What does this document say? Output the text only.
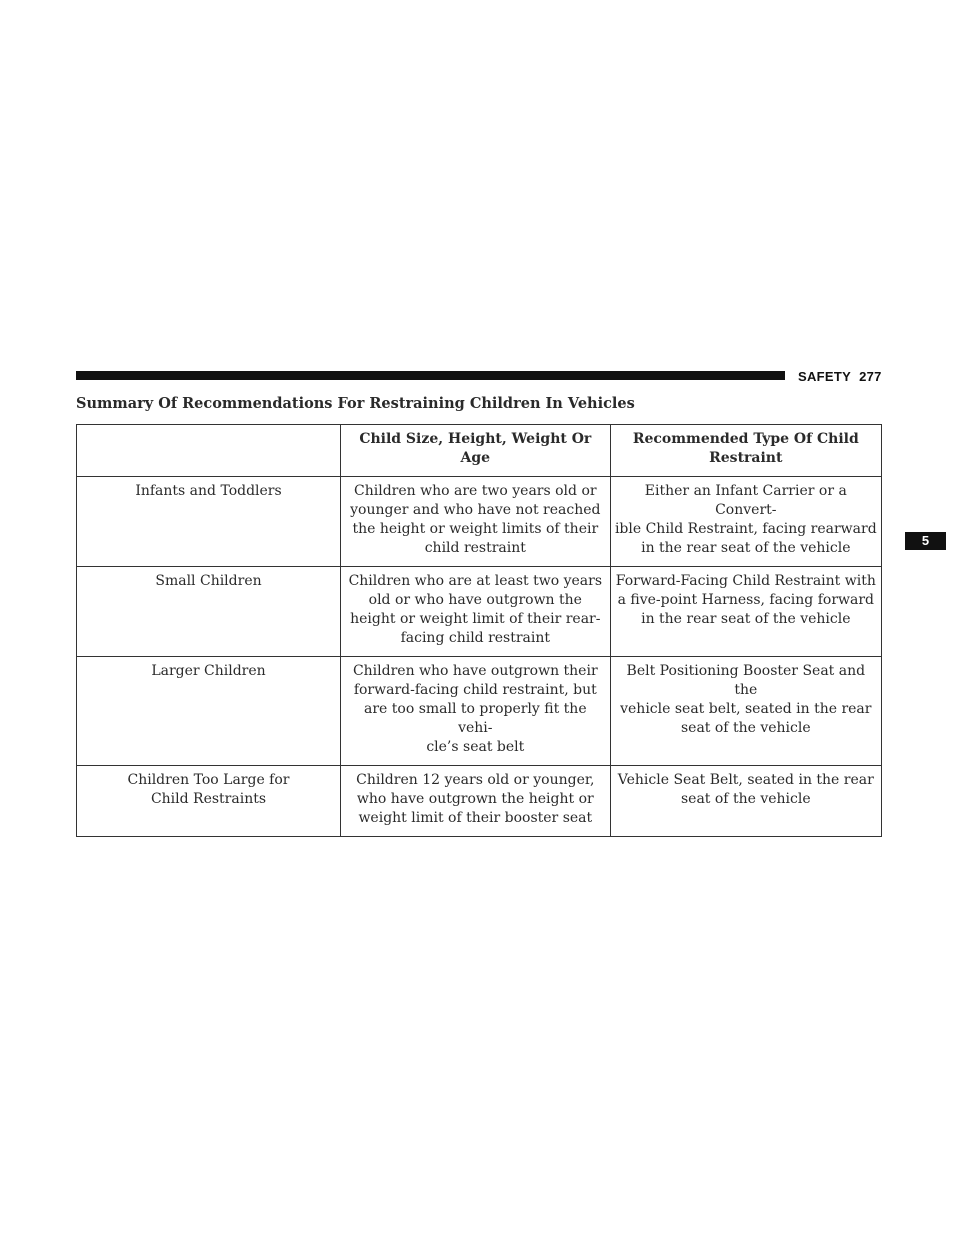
SAFETY 277
5
Summary Of Recommendations For Restraining Children In Vehicles
	Child Size, Height, Weight Or Age	Recommended Type Of Child
Restraint

Infants and Toddlers	Children who are two years old or
younger and who have not reached
the height or weight limits of their
child restraint	Either an Infant Carrier or a Convert-
ible Child Restraint, facing rearward
in the rear seat of the vehicle

Small Children	Children who are at least two years
old or who have outgrown the
height or weight limit of their rear-
facing child restraint	Forward-Facing Child Restraint with
a five-point Harness, facing forward
in the rear seat of the vehicle

Larger Children	Children who have outgrown their
forward-facing child restraint, but
are too small to properly fit the vehi-
cle’s seat belt	Belt Positioning Booster Seat and the
vehicle seat belt, seated in the rear
seat of the vehicle

Children Too Large for
Child Restraints	Children 12 years old or younger,
who have outgrown the height or
weight limit of their booster seat	Vehicle Seat Belt, seated in the rear
seat of the vehicle
